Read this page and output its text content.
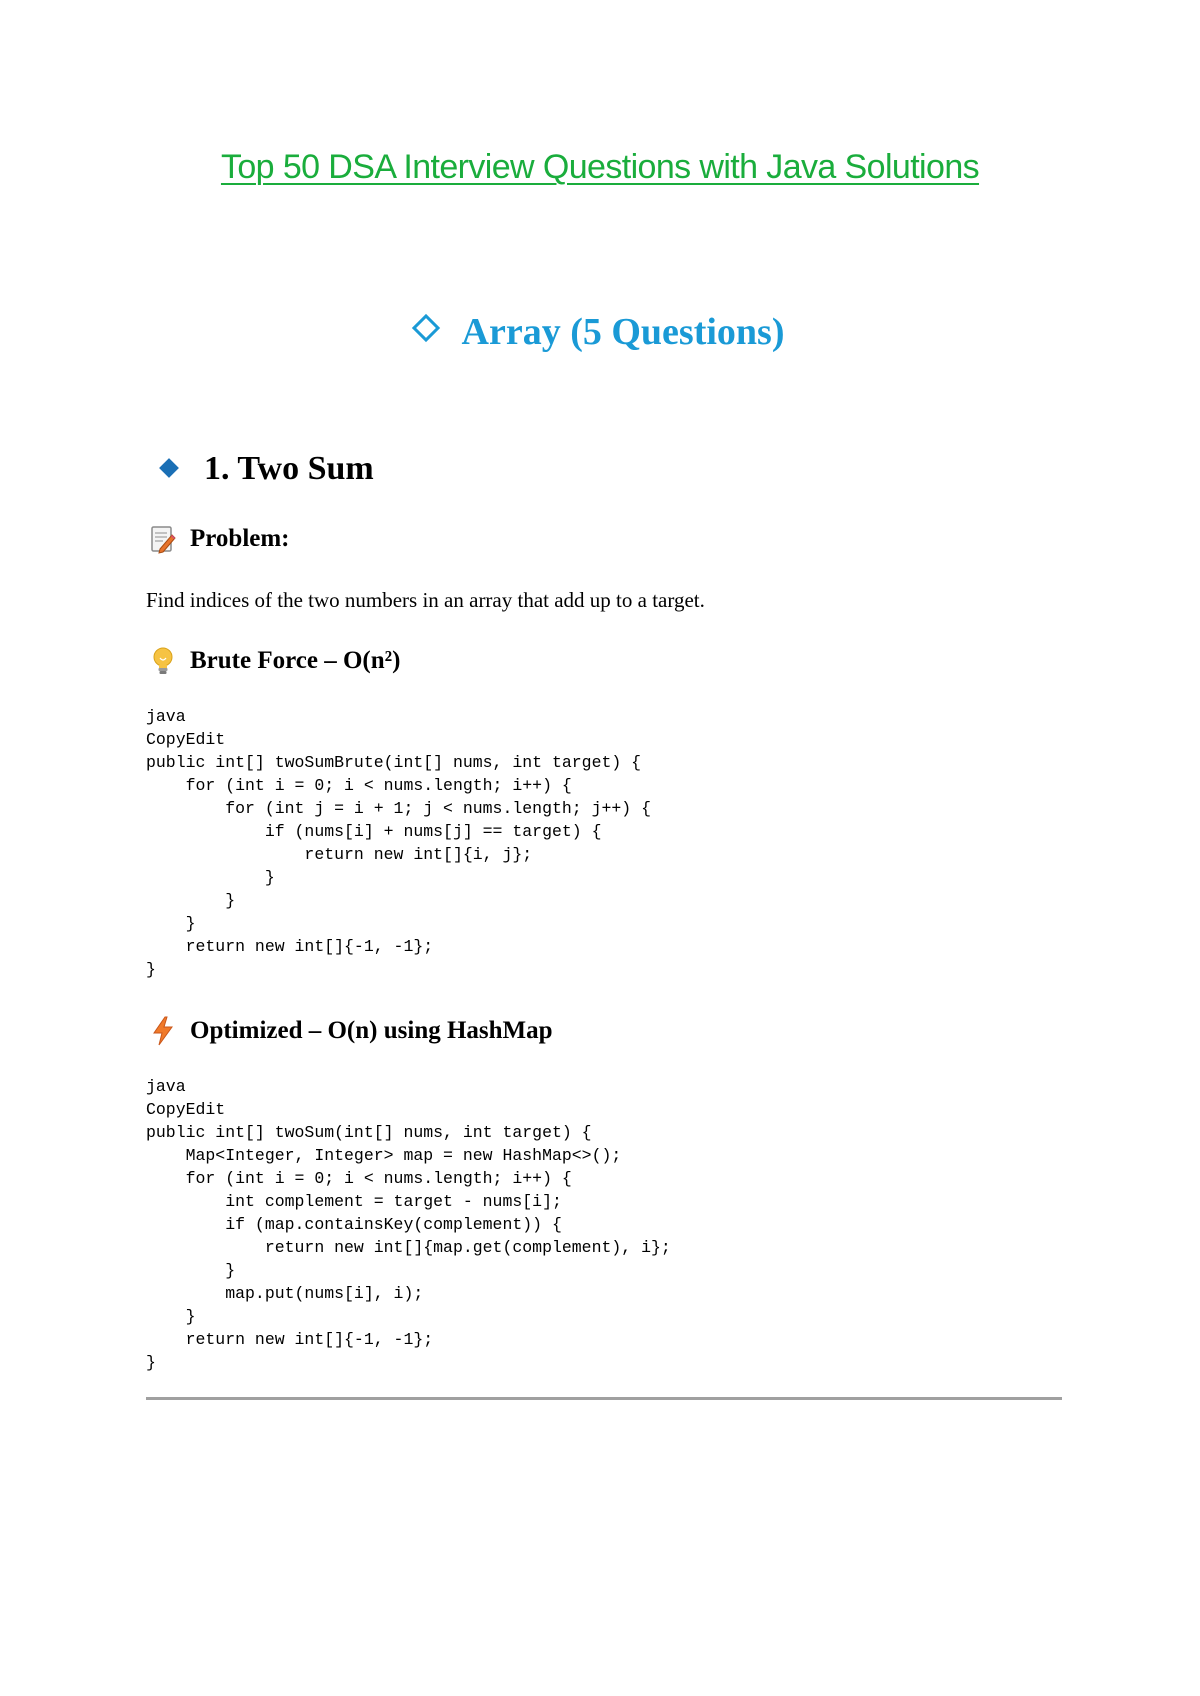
Top 50 DSA Interview Questions with Java Solutions
Array (5 Questions)
1. Two Sum
Problem:

Find indices of the two numbers in an array that add up to a target.

Brute Force – O(n²)
java
CopyEdit
public int[] twoSumBrute(int[] nums, int target) {
for (int i = 0; i < nums.length; i++) {
for (int j = i + 1; j < nums.length; j++) {
if (nums[i] + nums[j] == target) {
return new int[]{i, j};
}
}
}
return new int[]{-1, -1};
}
Optimized – O(n) using HashMap
java
CopyEdit
public int[] twoSum(int[] nums, int target) {
Map<Integer, Integer> map = new HashMap<>();
for (int i = 0; i < nums.length; i++) {
int complement = target - nums[i];
if (map.containsKey(complement)) {
return new int[]{map.get(complement), i};
}
map.put(nums[i], i);
}
return new int[]{-1, -1};
}
